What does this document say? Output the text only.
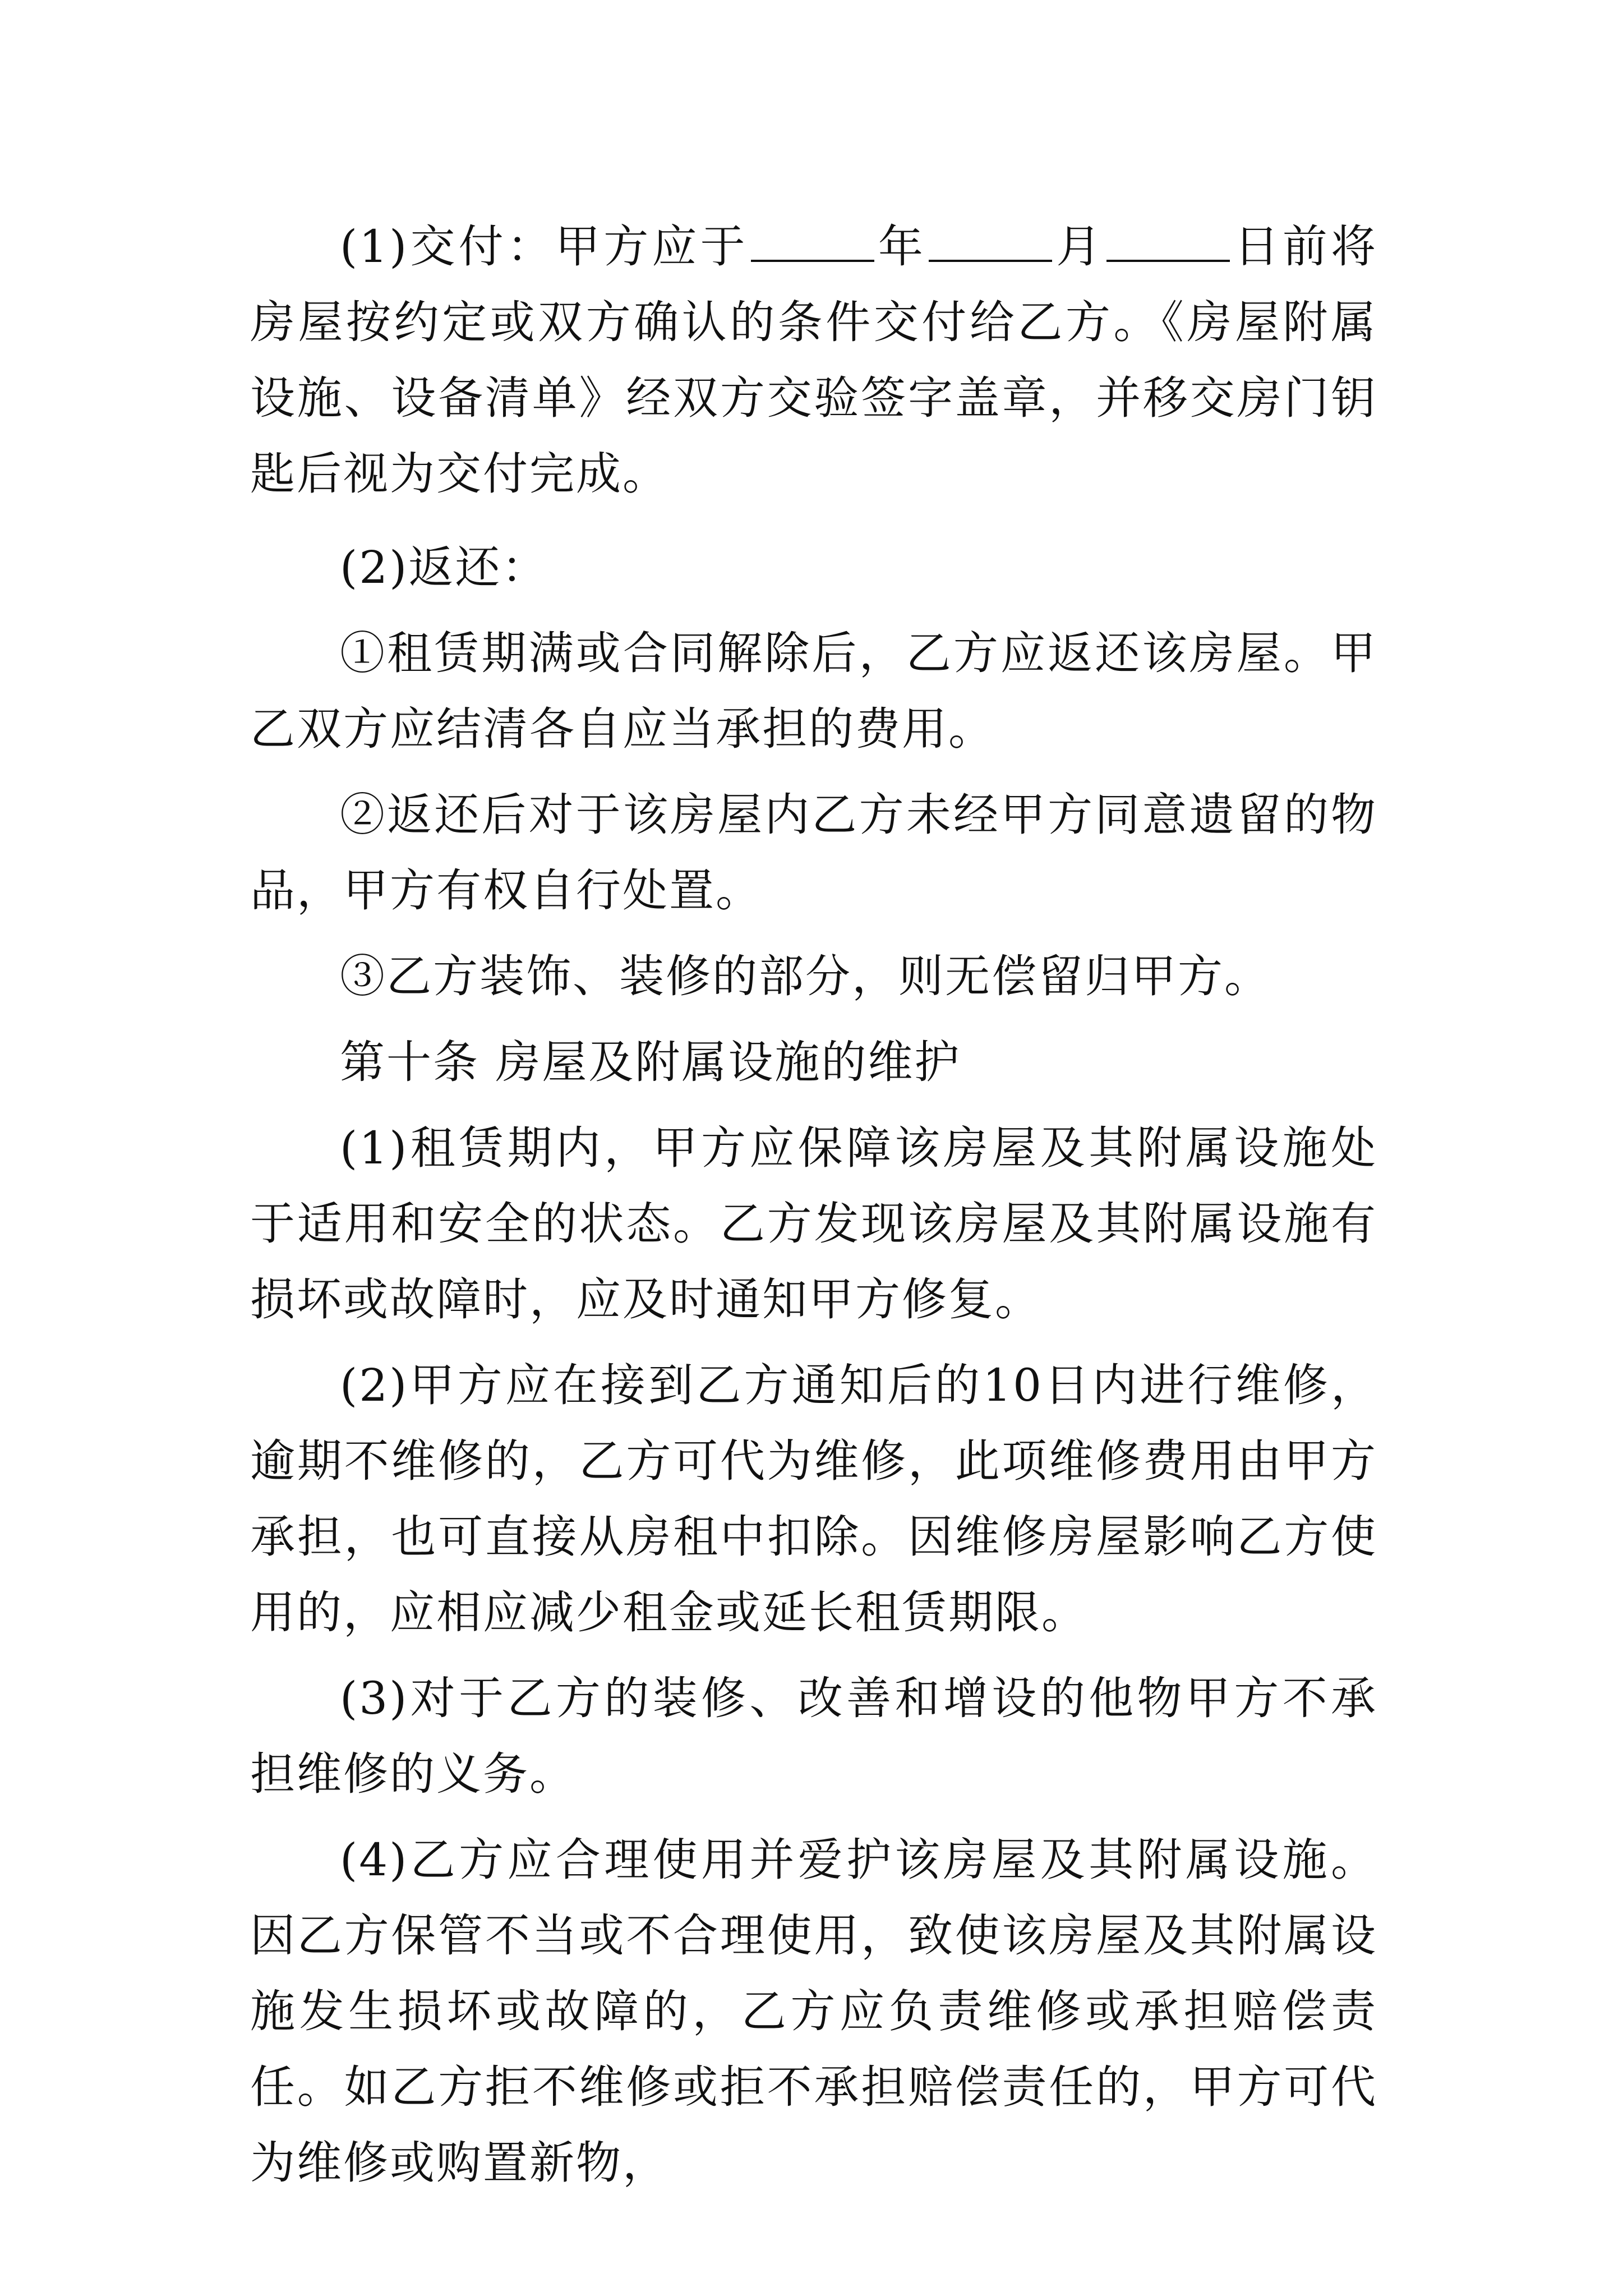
(1)交付：甲方应于	年	月	日前将房屋按约定或双方确认的条件交付给乙方。《房屋附属设施、设备清单》经双方交验签字盖章，并移交房门钥匙后视为交付完成。

(2)返还：

①租赁期满或合同解除后，乙方应返还该房屋。甲乙双方应结清各自应当承担的费用。

②返还后对于该房屋内乙方未经甲方同意遗留的物品，甲方有权自行处置。

③乙方装饰、装修的部分，则无偿留归甲方。

第十条 房屋及附属设施的维护

(1)租赁期内，甲方应保障该房屋及其附属设施处于适用和安全的状态。乙方发现该房屋及其附属设施有损坏或故障时，应及时通知甲方修复。

(2)甲方应在接到乙方通知后的10日内进行维修，逾期不维修的，乙方可代为维修，此项维修费用由甲方承担，也可直接从房租中扣除。因维修房屋影响乙方使用的，应相应减少租金或延长租赁期限。

(3)对于乙方的装修、改善和增设的他物甲方不承担维修的义务。

(4)乙方应合理使用并爱护该房屋及其附属设施。因乙方保管不当或不合理使用，致使该房屋及其附属设施发生损坏或故障的，乙方应负责维修或承担赔偿责任。如乙方拒不维修或拒不承担赔偿责任的，甲方可代为维修或购置新物，
